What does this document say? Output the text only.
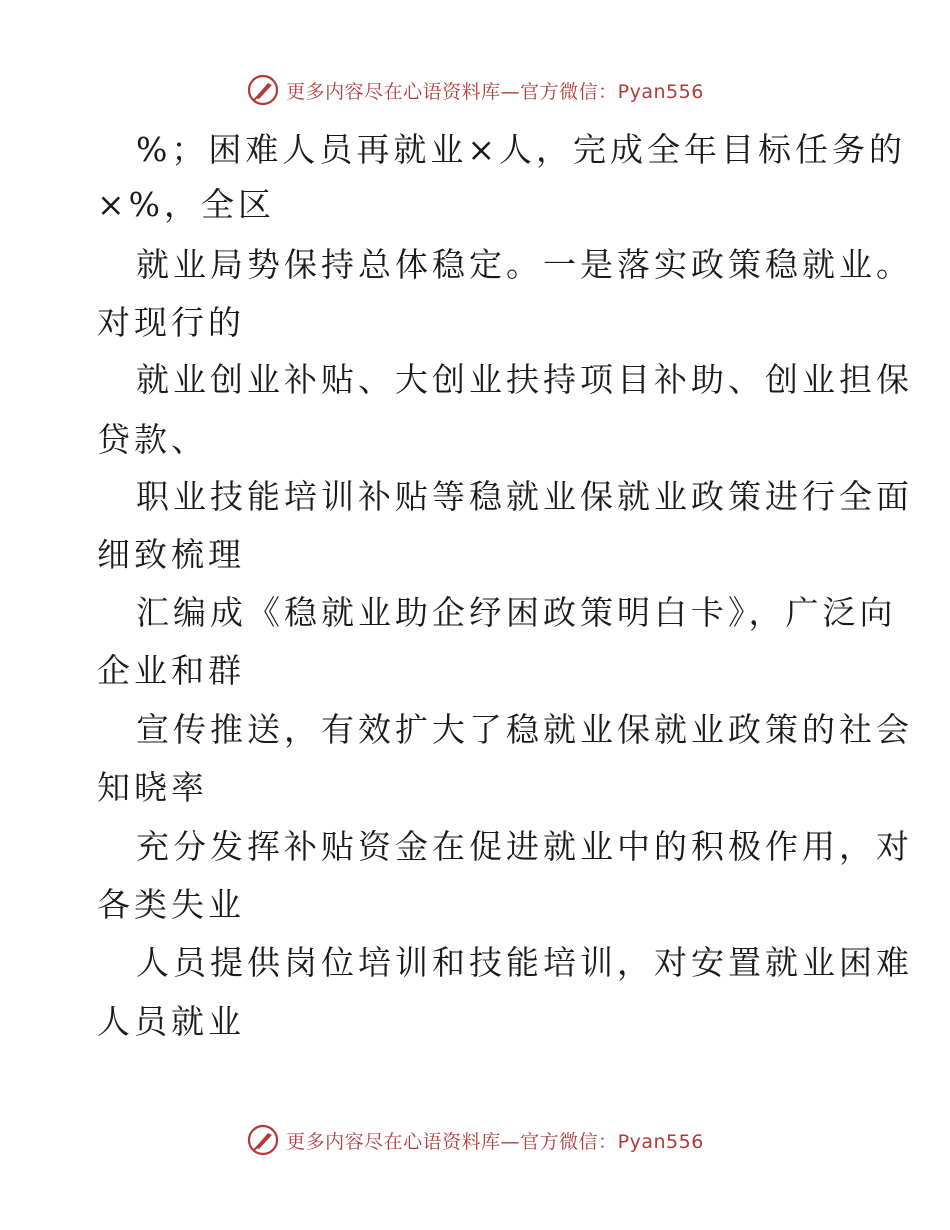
更多内容尽在心语资料库—官方微信：Pyan556
%；困难人员再就业×人，完成全年目标任务的
×%，全区
就业局势保持总体稳定。一是落实政策稳就业。
对现行的
就业创业补贴、大创业扶持项目补助、创业担保
贷款、
职业技能培训补贴等稳就业保就业政策进行全面
细致梳理
汇编成《稳就业助企纾困政策明白卡》，广泛向
企业和群
宣传推送，有效扩大了稳就业保就业政策的社会
知晓率
充分发挥补贴资金在促进就业中的积极作用，对
各类失业
人员提供岗位培训和技能培训，对安置就业困难
人员就业
更多内容尽在心语资料库—官方微信：Pyan556
